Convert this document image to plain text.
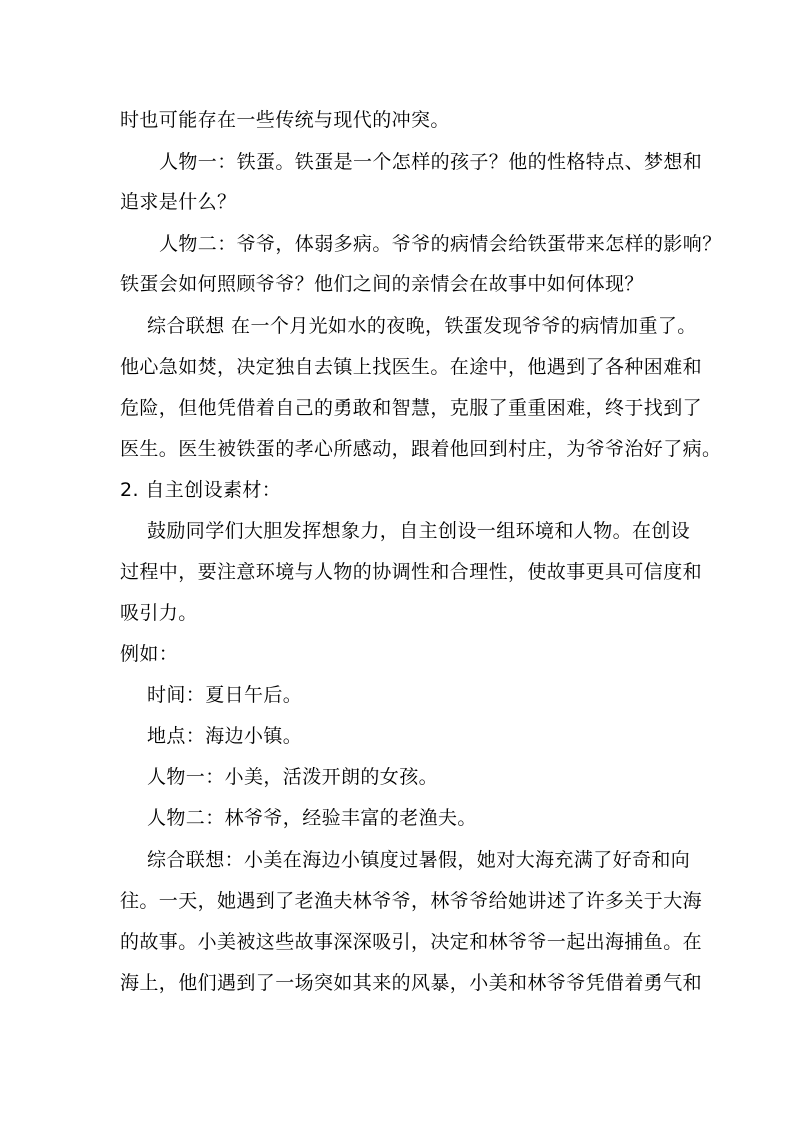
时也可能存在一些传统与现代的冲突。
人物一：铁蛋。铁蛋是一个怎样的孩子？他的性格特点、梦想和
追求是什么？
人物二：爷爷，体弱多病。爷爷的病情会给铁蛋带来怎样的影响？
铁蛋会如何照顾爷爷？他们之间的亲情会在故事中如何体现？
综合联想 在一个月光如水的夜晚，铁蛋发现爷爷的病情加重了。
他心急如焚，决定独自去镇上找医生。在途中，他遇到了各种困难和
危险，但他凭借着自己的勇敢和智慧，克服了重重困难，终于找到了
医生。医生被铁蛋的孝心所感动，跟着他回到村庄，为爷爷治好了病。
2. 自主创设素材：
鼓励同学们大胆发挥想象力，自主创设一组环境和人物。在创设
过程中，要注意环境与人物的协调性和合理性，使故事更具可信度和
吸引力。
例如：
时间：夏日午后。
地点：海边小镇。
人物一：小美，活泼开朗的女孩。
人物二：林爷爷，经验丰富的老渔夫。
综合联想：小美在海边小镇度过暑假，她对大海充满了好奇和向
往。一天，她遇到了老渔夫林爷爷，林爷爷给她讲述了许多关于大海
的故事。小美被这些故事深深吸引，决定和林爷爷一起出海捕鱼。在
海上，他们遇到了一场突如其来的风暴，小美和林爷爷凭借着勇气和
